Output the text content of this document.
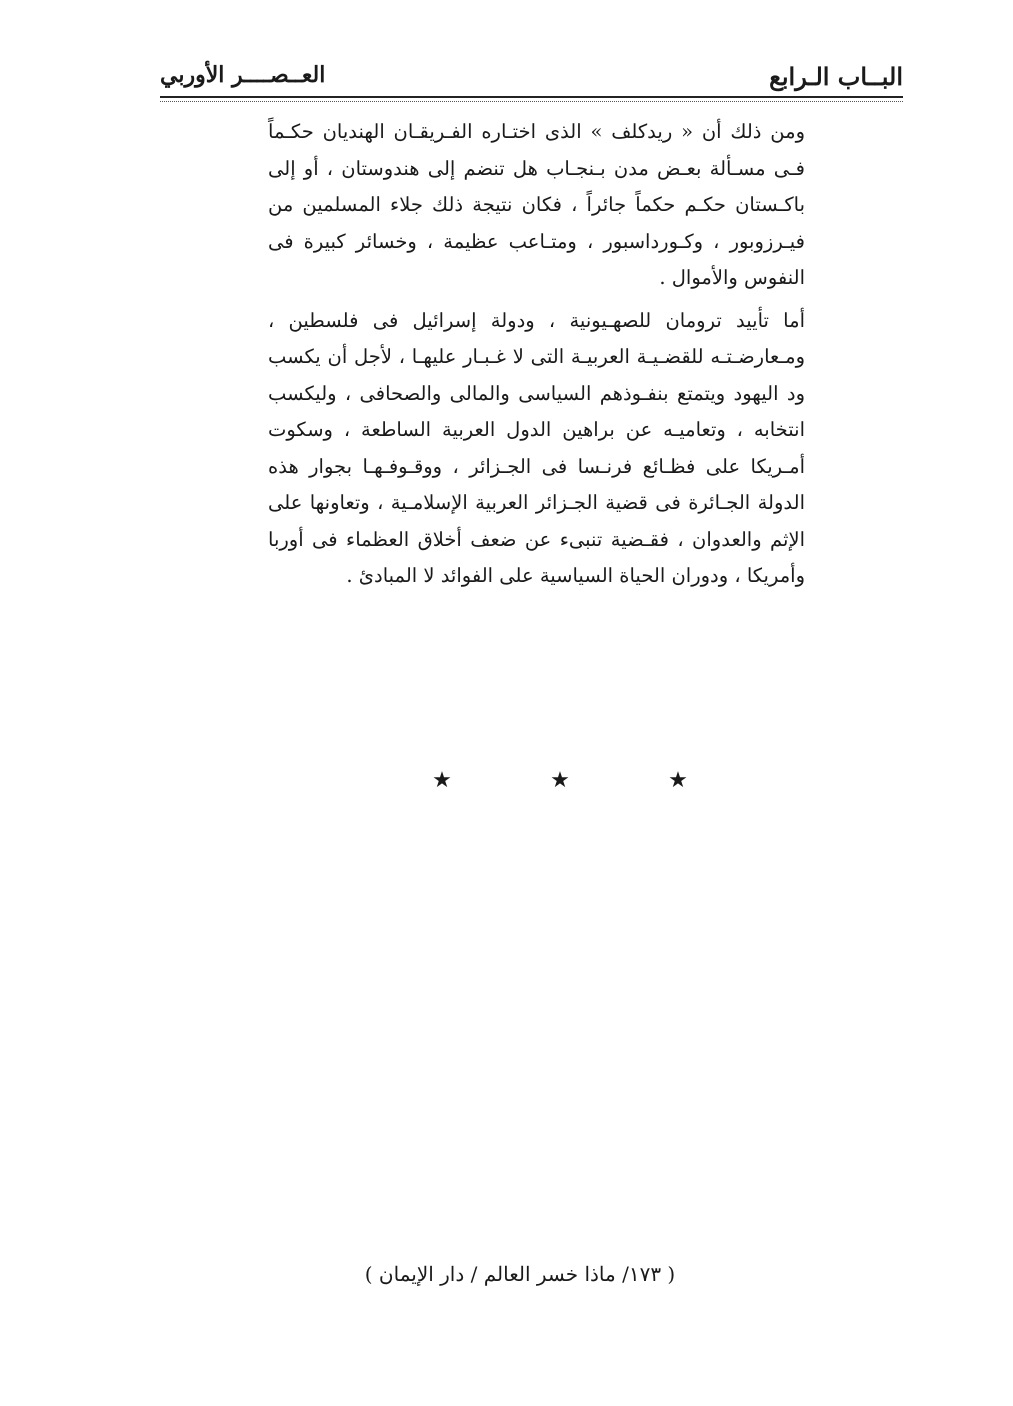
البــاب الـرابع
العــصــــر الأوربي

ومن ذلك أن « ريدكلف » الذى اختـاره الفـريقـان الهنديان حكـماً فـى مسـألة بعـض مدن بـنجـاب هل تنضم إلى هندوستان ، أو إلى باكـستان حكـم حكماً جائراً ، فكان نتيجة ذلك جلاء المسلمين من فيـرزوبور ، وكـورداسبور ، ومتـاعب عظيمة ، وخسائر كبيرة فى النفوس والأموال .

أما تأييد ترومان للصهـيونية ، ودولة إسرائيل فى فلسطين ، ومـعارضـتـه للقضـيـة العربيـة التى لا غـبـار عليهـا ، لأجل أن يكسب ود اليهود ويتمتع بنفـوذهم السياسى والمالى والصحافى ، وليكسب انتخابه ، وتعاميـه عن براهين الدول العربية الساطعة ، وسكوت أمـريكا على فظـائع فرنـسا فى الجـزائر ، ووقـوفـهـا بجوار هذه الدولة الجـائرة فى قضية الجـزائر العربية الإسلامـية ، وتعاونها على الإثم والعدوان ، فقـضية تنبىء عن ضعف أخلاق العظماء فى أوربا وأمريكا ، ودوران الحياة السياسية على الفوائد لا المبادئ .

★	★	★
( ١٧٣/ ماذا خسر العالم / دار الإيمان )
